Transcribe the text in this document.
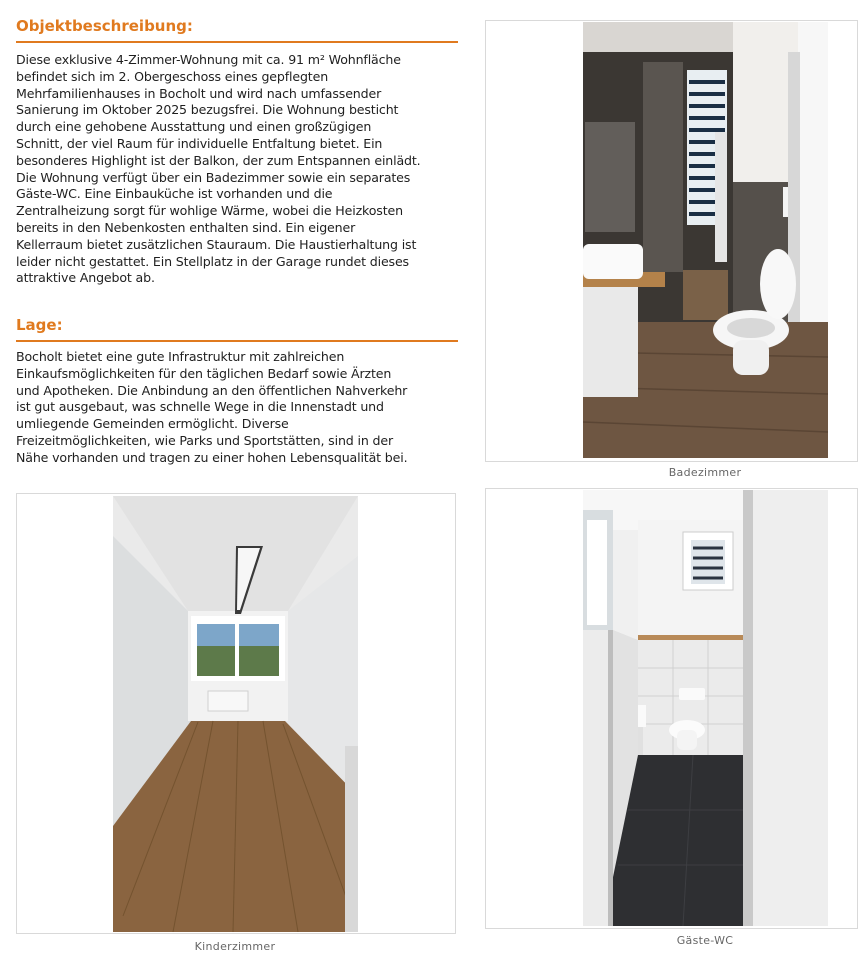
Objektbeschreibung:
Diese exklusive 4-Zimmer-Wohnung mit ca. 91 m² Wohnfläche
befindet sich im 2. Obergeschoss eines gepflegten
Mehrfamilienhauses in Bocholt und wird nach umfassender
Sanierung im Oktober 2025 bezugsfrei. Die Wohnung besticht
durch eine gehobene Ausstattung und einen großzügigen
Schnitt, der viel Raum für individuelle Entfaltung bietet. Ein
besonderes Highlight ist der Balkon, der zum Entspannen einlädt.
Die Wohnung verfügt über ein Badezimmer sowie ein separates
Gäste-WC. Eine Einbauküche ist vorhanden und die
Zentralheizung sorgt für wohlige Wärme, wobei die Heizkosten
bereits in den Nebenkosten enthalten sind. Ein eigener
Kellerraum bietet zusätzlichen Stauraum. Die Haustierhaltung ist
leider nicht gestattet. Ein Stellplatz in der Garage rundet dieses
attraktive Angebot ab.
Lage:
Bocholt bietet eine gute Infrastruktur mit zahlreichen
Einkaufsmöglichkeiten für den täglichen Bedarf sowie Ärzten
und Apotheken. Die Anbindung an den öffentlichen Nahverkehr
ist gut ausgebaut, was schnelle Wege in die Innenstadt und
umliegende Gemeinden ermöglicht. Diverse
Freizeitmöglichkeiten, wie Parks und Sportstätten, sind in der
Nähe vorhanden und tragen zu einer hohen Lebensqualität bei.
Badezimmer
Kinderzimmer	Gäste-WC
